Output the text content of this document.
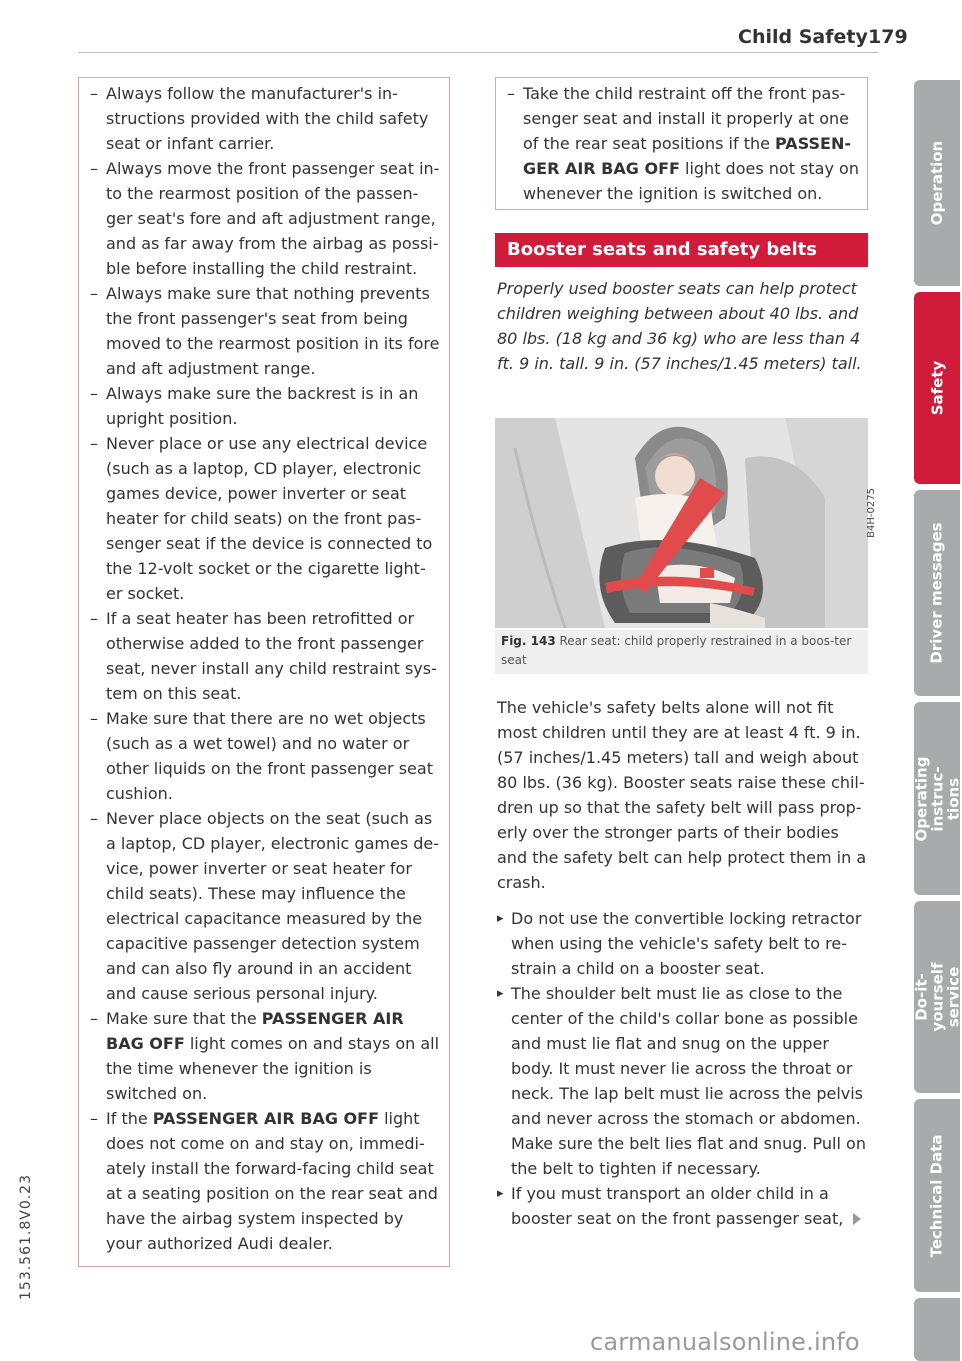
Child Safety 179
– Always follow the manufacturer's in-structions provided with the child safety seat or infant carrier.
– Always move the front passenger seat in-to the rearmost position of the passen-ger seat's fore and aft adjustment range, and as far away from the airbag as possi-ble before installing the child restraint.
– Always make sure that nothing prevents the front passenger's seat from being moved to the rearmost position in its fore and aft adjustment range.
– Always make sure the backrest is in an upright position.
– Never place or use any electrical device (such as a laptop, CD player, electronic games device, power inverter or seat heater for child seats) on the front pas-senger seat if the device is connected to the 12-volt socket or the cigarette light-er socket.
– If a seat heater has been retrofitted or otherwise added to the front passenger seat, never install any child restraint sys-tem on this seat.
– Make sure that there are no wet objects (such as a wet towel) and no water or other liquids on the front passenger seat cushion.
– Never place objects on the seat (such as a laptop, CD player, electronic games de-vice, power inverter or seat heater for child seats). These may influence the electrical capacitance measured by the capacitive passenger detection system and can also fly around in an accident and cause serious personal injury.
– Make sure that the PASSENGER AIR BAG OFF light comes on and stays on all the time whenever the ignition is switched on.
– If the PASSENGER AIR BAG OFF light does not come on and stay on, immedi-ately install the forward-facing child seat at a seating position on the rear seat and have the airbag system inspected by your authorized Audi dealer.
– Take the child restraint off the front pas-senger seat and install it properly at one of the rear seat positions if the PASSEN-GER AIR BAG OFF light does not stay on whenever the ignition is switched on.
Booster seats and safety belts
Properly used booster seats can help protect children weighing between about 40 lbs. and 80 lbs. (18 kg and 36 kg) who are less than 4 ft. 9 in. tall. 9 in. (57 inches/1.45 meters) tall.
B4H-0275
Fig. 143 Rear seat: child properly restrained in a boos-ter seat
The vehicle's safety belts alone will not fit most children until they are at least 4 ft. 9 in. (57 inches/1.45 meters) tall and weigh about 80 lbs. (36 kg). Booster seats raise these chil-dren up so that the safety belt will pass prop-erly over the stronger parts of their bodies and the safety belt can help protect them in a crash.
▸ Do not use the convertible locking retractor when using the vehicle's safety belt to re-strain a child on a booster seat.
▸ The shoulder belt must lie as close to the center of the child's collar bone as possible and must lie flat and snug on the upper body. It must never lie across the throat or neck. The lap belt must lie across the pelvis and never across the stomach or abdomen. Make sure the belt lies flat and snug. Pull on the belt to tighten if necessary.
▸ If you must transport an older child in a booster seat on the front passenger seat,
153.561.8V0.23
Operation
Safety
Driver messages
Operating instruc-tions
Do-it-yourself service
Technical Data
carmanualsonline.info
